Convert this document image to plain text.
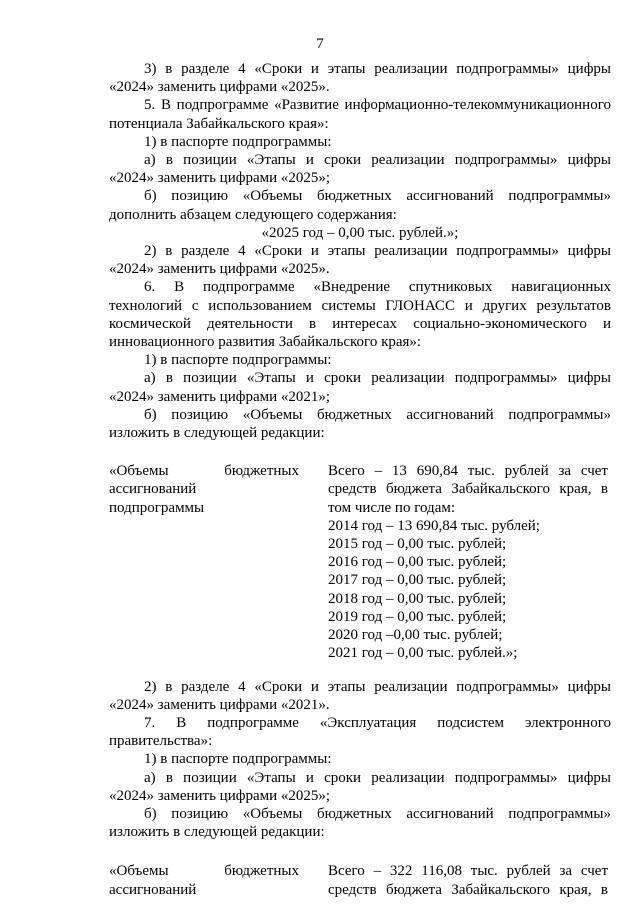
7

3) в разделе 4 «Сроки и этапы реализации подпрограммы» цифры

«2024» заменить цифрами «2025».

5. В подпрограмме «Развитие информационно-телекоммуникационного

потенциала Забайкальского края»:

1) в паспорте подпрограммы:

а) в позиции «Этапы и сроки реализации подпрограммы» цифры

«2024» заменить цифрами «2025»;

б) позицию «Объемы бюджетных ассигнований подпрограммы»

дополнить абзацем следующего содержания:

«2025 год – 0,00 тыс. рублей.»;

2) в разделе 4 «Сроки и этапы реализации подпрограммы» цифры

«2024» заменить цифрами «2025».

6. В подпрограмме «Внедрение спутниковых навигационных

технологий с использованием системы ГЛОНАСС и других результатов

космической деятельности в интересах социально-экономического и

инновационного развития Забайкальского края»:

1) в паспорте подпрограммы:

а) в позиции «Этапы и сроки реализации подпрограммы» цифры

«2024» заменить цифрами «2021»;

б) позицию «Объемы бюджетных ассигнований подпрограммы»

изложить в следующей редакции:

«Объемы бюджетных

ассигнований

подпрограммы

Всего – 13 690,84 тыс. рублей за счет

средств бюджета Забайкальского края, в

том числе по годам:

2014 год – 13 690,84 тыс. рублей;

2015 год – 0,00 тыс. рублей;

2016 год – 0,00 тыс. рублей;

2017 год – 0,00 тыс. рублей;

2018 год – 0,00 тыс. рублей;

2019 год – 0,00 тыс. рублей;

2020 год –0,00 тыс. рублей;

2021 год – 0,00 тыс. рублей.»;

2) в разделе 4 «Сроки и этапы реализации подпрограммы» цифры

«2024» заменить цифрами «2021».

7. В подпрограмме «Эксплуатация подсистем электронного

правительства»:

1) в паспорте подпрограммы:

а) в позиции «Этапы и сроки реализации подпрограммы» цифры

«2024» заменить цифрами «2025»;

б) позицию «Объемы бюджетных ассигнований подпрограммы»

изложить в следующей редакции:

«Объемы бюджетных

ассигнований

Всего – 322 116,08 тыс. рублей за счет

средств бюджета Забайкальского края, в
